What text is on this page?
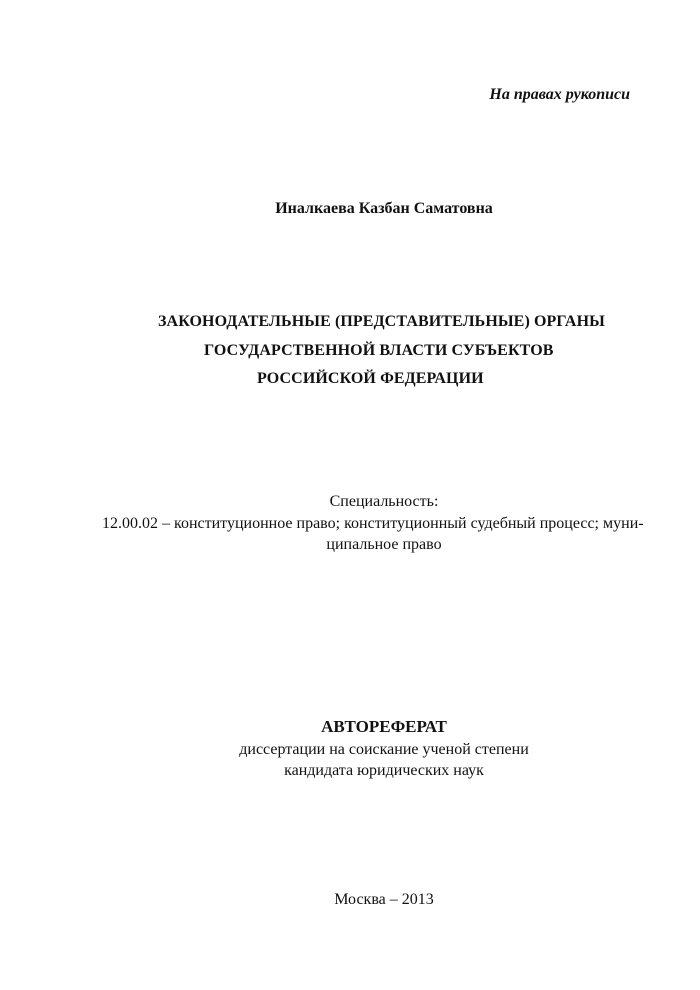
На правах рукописи
Иналкаева Казбан Саматовна
ЗАКОНОДАТЕЛЬНЫЕ (ПРЕДСТАВИТЕЛЬНЫЕ) ОРГАНЫ
ГОСУДАРСТВЕННОЙ ВЛАСТИ СУБЪЕКТОВ
РОССИЙСКОЙ ФЕДЕРАЦИИ
Специальность:
12.00.02 – конституционное право; конституционный судебный процесс; муни-
ципальное право
АВТОРЕФЕРАТ
диссертации на соискание ученой степени
кандидата юридических наук
Москва – 2013
